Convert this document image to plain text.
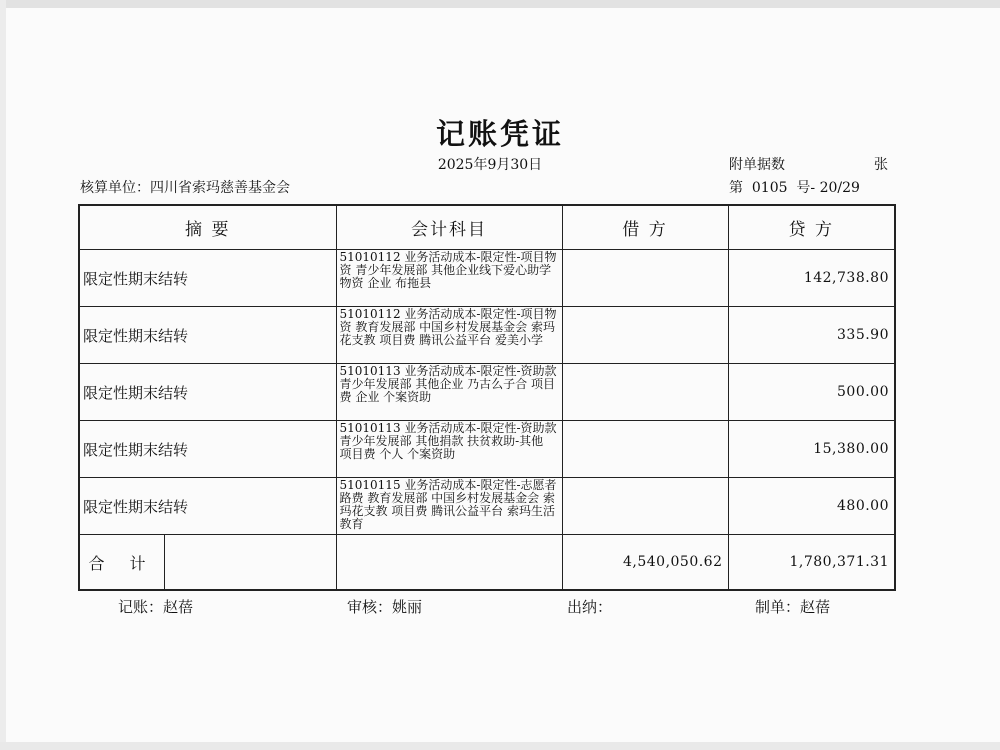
记账凭证
2025年9月30日	附单据数	张
核算单位：四川省索玛慈善基金会	第  0105  号- 20/29
摘 要	会计科目	借 方	贷 方
限定性期末结转	51010112 业务活动成本-限定性-项目物资 青少年发展部 其他企业线下爱心助学 物资 企业 布拖县		142,738.80
限定性期末结转	51010112 业务活动成本-限定性-项目物资 教育发展部 中国乡村发展基金会 索玛花支教 项目费 腾讯公益平台 爱美小学		335.90
限定性期末结转	51010113 业务活动成本-限定性-资助款 青少年发展部 其他企业 乃古么子合 项目费 企业 个案资助		500.00
限定性期末结转	51010113 业务活动成本-限定性-资助款 青少年发展部 其他捐款 扶贫救助-其他 项目费 个人 个案资助		15,380.00
限定性期末结转	51010115 业务活动成本-限定性-志愿者路费 教育发展部 中国乡村发展基金会 索玛花支教 项目费 腾讯公益平台 索玛生活教育		480.00

合 计		4,540,050.62	1,780,371.31
记账：赵蓓	审核：姚丽	出纳：	制单：赵蓓
